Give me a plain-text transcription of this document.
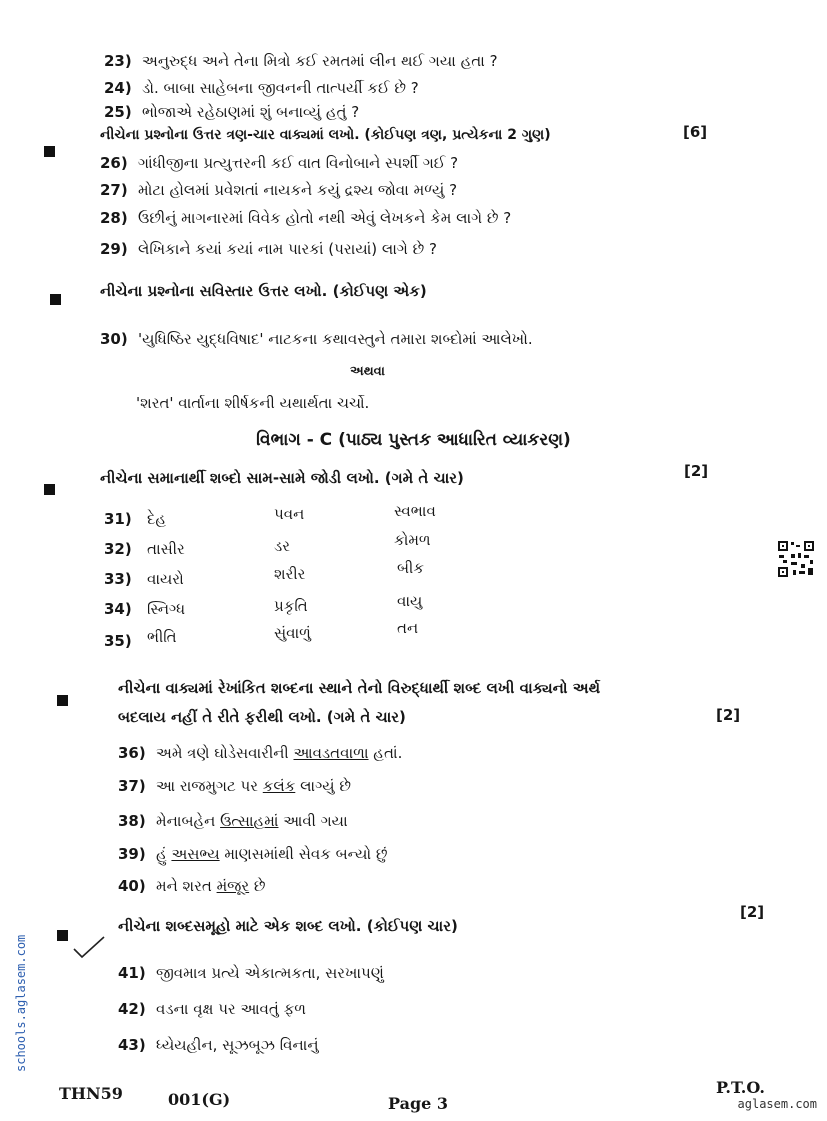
23) અનુરુદ્ધ અને તેના મિત્રો કઈ રમતમાં લીન થઈ ગયા હતા ?
24) ડો. બાબા સાહેબના જીવનની તાત્પર્યી કઈ છે ?
25) ભોજાએ રહેઠાણમાં શું બનાવ્યું હતું ?
નીચેના પ્રશ્નોના ઉત્તર ત્રણ-ચાર વાક્યમાં લખો. (કોઈપણ ત્રણ, પ્રત્યેકના 2 ગુણ)	[6]
26) ગાંધીજીના પ્રત્યુત્તરની કઈ વાત વિનોબાને સ્પર્શી ગઈ ?
27) મોટા હોલમાં પ્રવેશતાં નાયકને કયું દ્રશ્ય જોવા મળ્યું ?
28) ઉછીનું માગનારમાં વિવેક હોતો નથી એવું લેખકને કેમ લાગે છે ?
29) લેખિકાને કયાં કયાં નામ પારકાં (પરાયાં) લાગે છે ?
નીચેના પ્રશ્નોના સવિસ્તાર ઉત્તર લખો. (કોઈપણ એક)
30) 'યુધિષ્ઠિર યુદ્ધવિષાદ' નાટકના કથાવસ્તુને તમારા શબ્દોમાં આલેખો.
અથવા
'શરત' વાર્તાના શીર્ષકની યથાર્થતા ચર્ચો.
વિભાગ - C (પાઠ્ય પુસ્તક આધારિત વ્યાકરણ)
નીચેના સમાનાર્થી શબ્દો સામ-સામે જોડી લખો. (ગમે તે ચાર)	[2]
31) દેહ	પવન	સ્વભાવ
32) તાસીર	ડર	કોમળ
33) વાયરો	શરીર	બીક
34) સ્નિગ્ધ	પ્રકૃતિ	વાયુ
35) ભીતિ	સુંવાળું	તન
નીચેના વાક્યમાં રેખાંકિત શબ્દના સ્થાને તેનો વિરુદ્ધાર્થી શબ્દ લખી વાક્યનો અર્થ
બદલાય નહીં તે રીતે ફરીથી લખો. (ગમે તે ચાર)	[2]
36) અમે ત્રણે ઘોડેસવારીની આવડતવાળા હતાં.
37) આ રાજમુગટ પર કલંક લાગ્યું છે
38) મેનાબહેન ઉત્સાહમાં આવી ગયા
39) હું અસભ્ય માણસમાંથી સેવક બન્યો છું
40) મને શરત મંજૂર છે
નીચેના શબ્દસમૂહો માટે એક શબ્દ લખો. (કોઈપણ ચાર)
[2]
41) જીવમાત્ર પ્રત્યે એકાત્મકતા, સરખાપણું
42) વડના વૃક્ષ પર આવતું ફળ
43) ધ્યેયહીન, સૂઝબૂઝ વિનાનું
THN59	001(G)	Page 3
P.T.O.
schools.aglasem.com
aglasem.com
